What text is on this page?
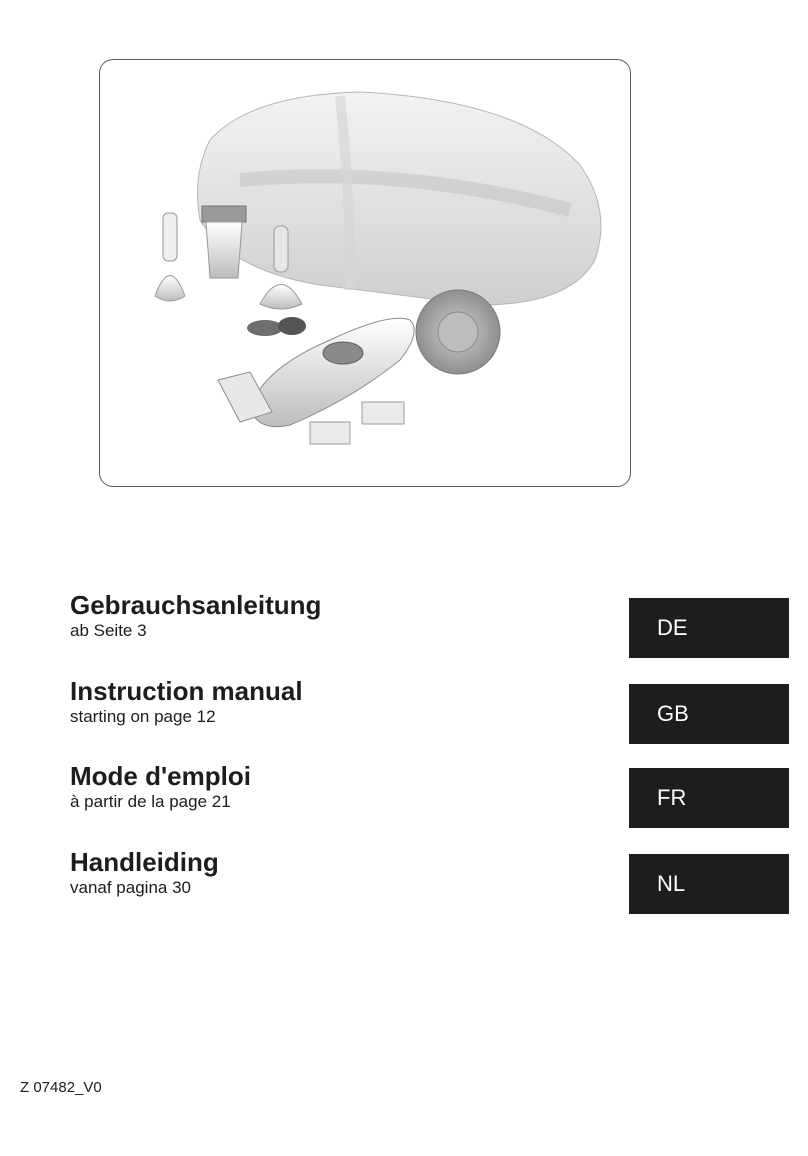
Gebrauchsanleitung
ab Seite 3	DE
Instruction manual
starting on page 12	GB
Mode d'emploi
à partir de la page 21	FR
Handleiding
vanaf pagina 30	NL
Z 07482_V0
